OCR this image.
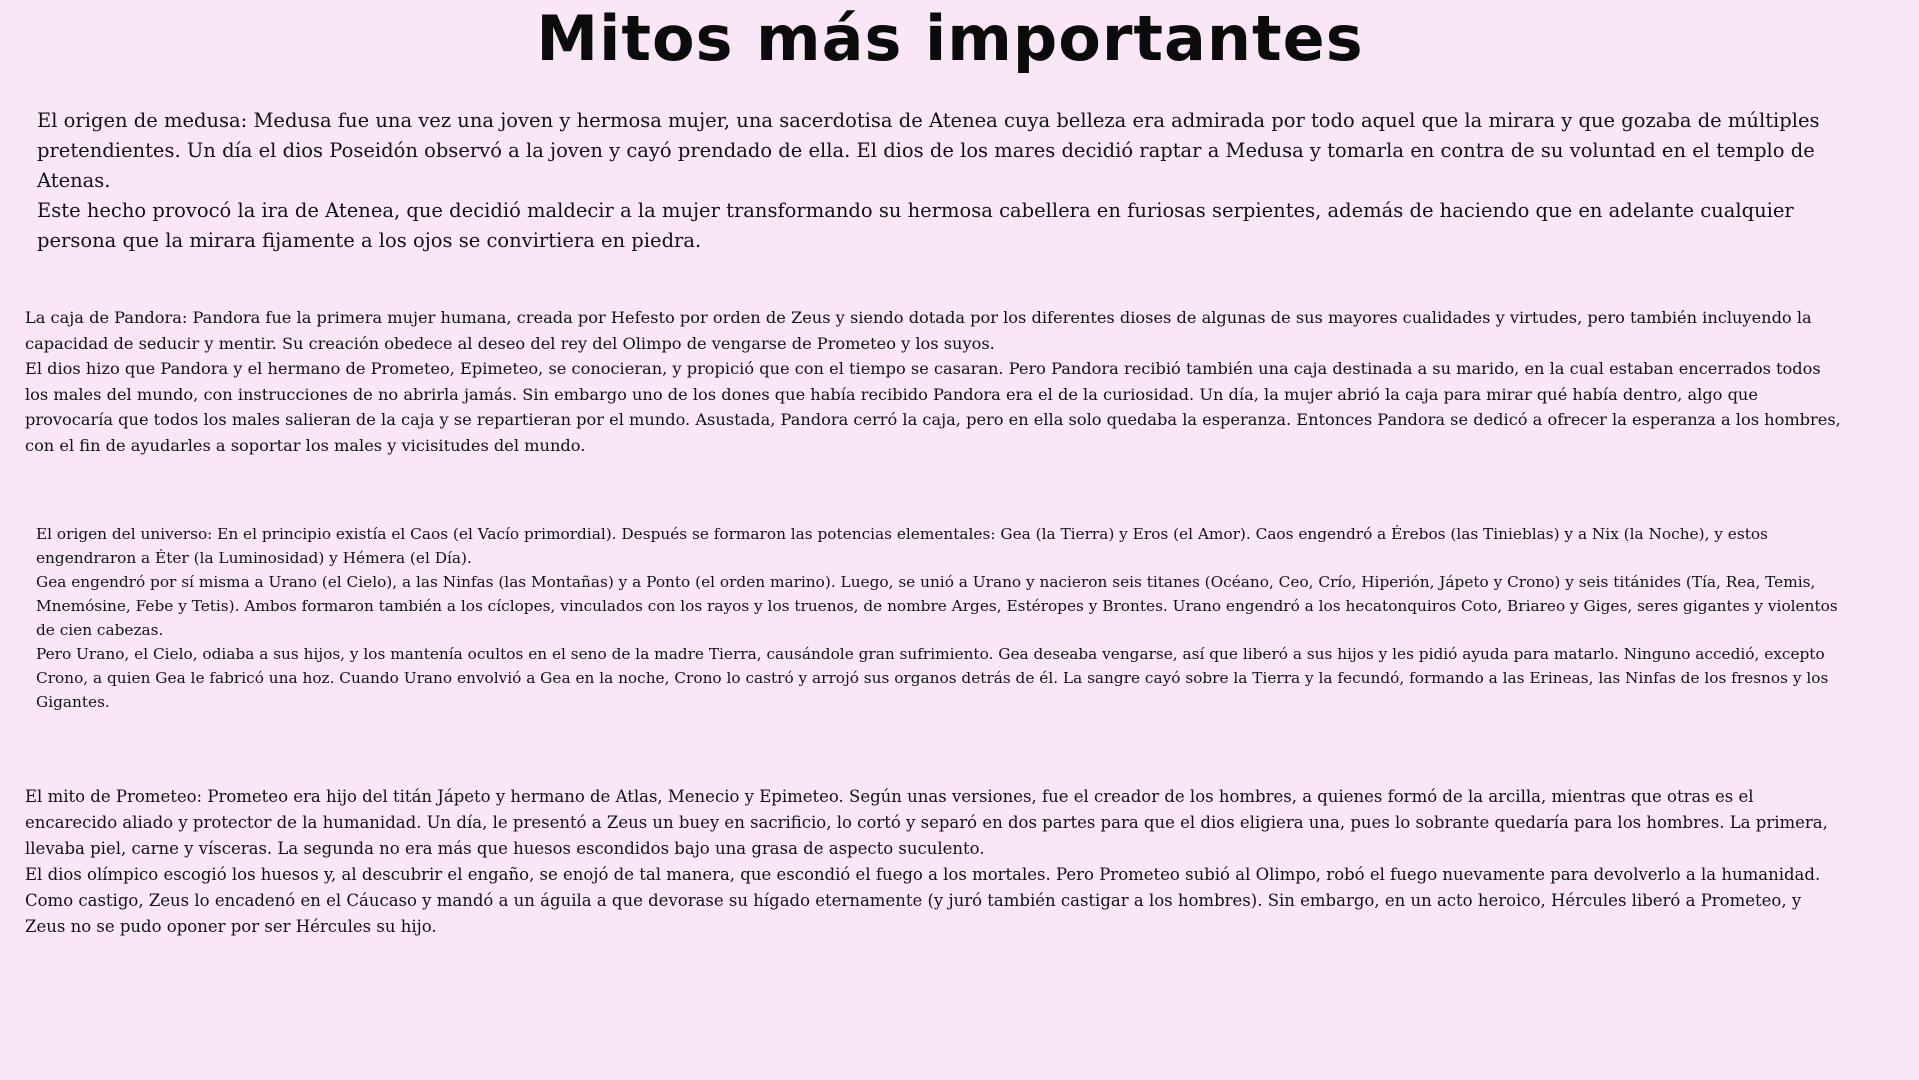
Mitos más importantes

El origen de medusa: Medusa fue una vez una joven y hermosa mujer, una sacerdotisa de Atenea cuya belleza era admirada por todo aquel que la mirara y que gozaba de múltiples pretendientes. Un día el dios Poseidón observó a la joven y cayó prendado de ella. El dios de los mares decidió raptar a Medusa y tomarla en contra de su voluntad en el templo de Atenas.

Este hecho provocó la ira de Atenea, que decidió maldecir a la mujer transformando su hermosa cabellera en furiosas serpientes, además de haciendo que en adelante cualquier persona que la mirara fijamente a los ojos se convirtiera en piedra.

La caja de Pandora: Pandora fue la primera mujer humana, creada por Hefesto por orden de Zeus y siendo dotada por los diferentes dioses de algunas de sus mayores cualidades y virtudes, pero también incluyendo la capacidad de seducir y mentir. Su creación obedece al deseo del rey del Olimpo de vengarse de Prometeo y los suyos.

El dios hizo que Pandora y el hermano de Prometeo, Epimeteo, se conocieran, y propició que con el tiempo se casaran. Pero Pandora recibió también una caja destinada a su marido, en la cual estaban encerrados todos los males del mundo, con instrucciones de no abrirla jamás. Sin embargo uno de los dones que había recibido Pandora era el de la curiosidad. Un día, la mujer abrió la caja para mirar qué había dentro, algo que provocaría que todos los males salieran de la caja y se repartieran por el mundo. Asustada, Pandora cerró la caja, pero en ella solo quedaba la esperanza. Entonces Pandora se dedicó a ofrecer la esperanza a los hombres, con el fin de ayudarles a soportar los males y vicisitudes del mundo.

El origen del universo: En el principio existía el Caos (el Vacío primordial). Después se formaron las potencias elementales: Gea (la Tierra) y Eros (el Amor). Caos engendró a Érebos (las Tinieblas) y a Nix (la Noche), y estos engendraron a Éter (la Luminosidad) y Hémera (el Día).

Gea engendró por sí misma a Urano (el Cielo), a las Ninfas (las Montañas) y a Ponto (el orden marino). Luego, se unió a Urano y nacieron seis titanes (Océano, Ceo, Crío, Hiperión, Jápeto y Crono) y seis titánides (Tía, Rea, Temis, Mnemósine, Febe y Tetis). Ambos formaron también a los cíclopes, vinculados con los rayos y los truenos, de nombre Arges, Estéropes y Brontes. Urano engendró a los hecatonquiros Coto, Briareo y Giges, seres gigantes y violentos de cien cabezas.

Pero Urano, el Cielo, odiaba a sus hijos, y los mantenía ocultos en el seno de la madre Tierra, causándole gran sufrimiento. Gea deseaba vengarse, así que liberó a sus hijos y les pidió ayuda para matarlo. Ninguno accedió, excepto Crono, a quien Gea le fabricó una hoz. Cuando Urano envolvió a Gea en la noche, Crono lo castró y arrojó sus organos detrás de él. La sangre cayó sobre la Tierra y la fecundó, formando a las Erineas, las Ninfas de los fresnos y los Gigantes.

El mito de Prometeo: Prometeo era hijo del titán Jápeto y hermano de Atlas, Menecio y Epimeteo. Según unas versiones, fue el creador de los hombres, a quienes formó de la arcilla, mientras que otras es el encarecido aliado y protector de la humanidad. Un día, le presentó a Zeus un buey en sacrificio, lo cortó y separó en dos partes para que el dios eligiera una, pues lo sobrante quedaría para los hombres. La primera, llevaba piel, carne y vísceras. La segunda no era más que huesos escondidos bajo una grasa de aspecto suculento.

El dios olímpico escogió los huesos y, al descubrir el engaño, se enojó de tal manera, que escondió el fuego a los mortales. Pero Prometeo subió al Olimpo, robó el fuego nuevamente para devolverlo a la humanidad. Como castigo, Zeus lo encadenó en el Cáucaso y mandó a un águila a que devorase su hígado eternamente (y juró también castigar a los hombres). Sin embargo, en un acto heroico, Hércules liberó a Prometeo, y Zeus no se pudo oponer por ser Hércules su hijo.
